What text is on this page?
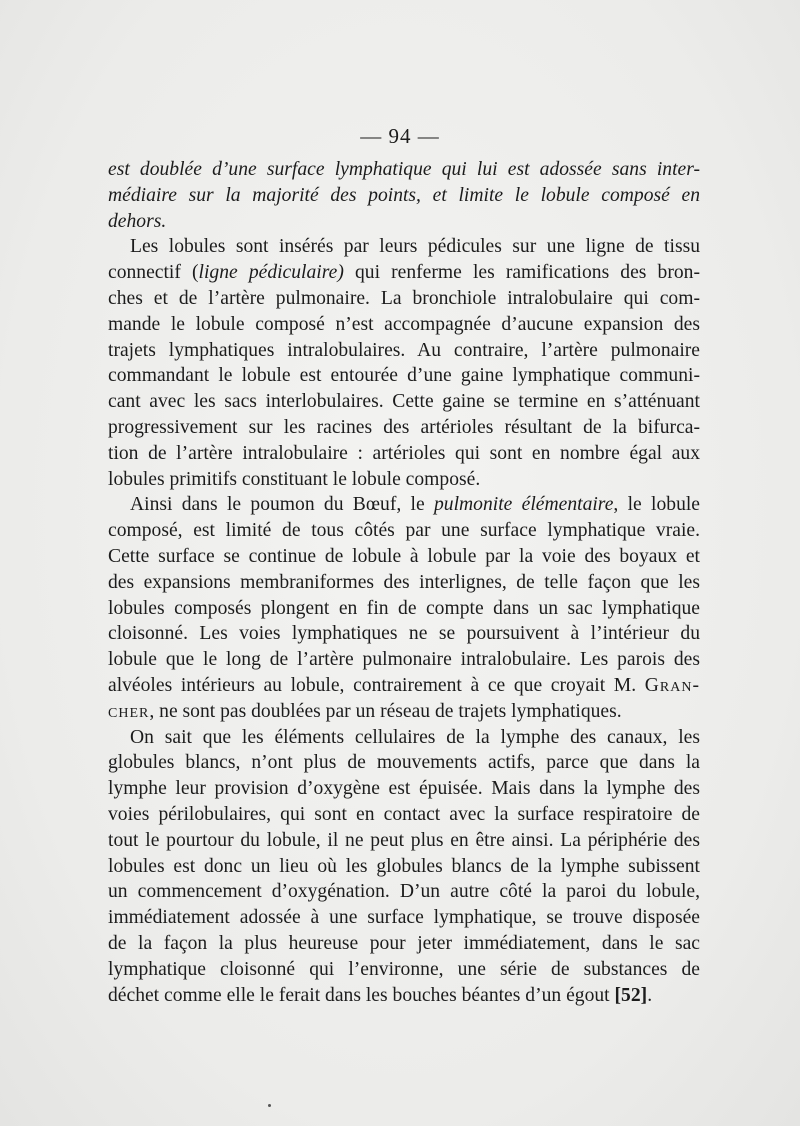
— 94 —
est doublée d’une surface lymphatique qui lui est adossée sans inter-
médiaire sur la majorité des points, et limite le lobule composé en
dehors.
Les lobules sont insérés par leurs pédicules sur une ligne de tissu
connectif (ligne pédiculaire) qui renferme les ramifications des bron-
ches et de l’artère pulmonaire. La bronchiole intralobulaire qui com-
mande le lobule composé n’est accompagnée d’aucune expansion des
trajets lymphatiques intralobulaires. Au contraire, l’artère pulmonaire
commandant le lobule est entourée d’une gaine lymphatique communi-
cant avec les sacs interlobulaires. Cette gaine se termine en s’atténuant
progressivement sur les racines des artérioles résultant de la bifurca-
tion de l’artère intralobulaire : artérioles qui sont en nombre égal aux
lobules primitifs constituant le lobule composé.
Ainsi dans le poumon du Bœuf, le pulmonite élémentaire, le lobule
composé, est limité de tous côtés par une surface lymphatique vraie.
Cette surface se continue de lobule à lobule par la voie des boyaux et
des expansions membraniformes des interlignes, de telle façon que les
lobules composés plongent en fin de compte dans un sac lymphatique
cloisonné. Les voies lymphatiques ne se poursuivent à l’intérieur du
lobule que le long de l’artère pulmonaire intralobulaire. Les parois des
alvéoles intérieurs au lobule, contrairement à ce que croyait M. Gran-
cher, ne sont pas doublées par un réseau de trajets lymphatiques.
On sait que les éléments cellulaires de la lymphe des canaux, les
globules blancs, n’ont plus de mouvements actifs, parce que dans la
lymphe leur provision d’oxygène est épuisée. Mais dans la lymphe des
voies périlobulaires, qui sont en contact avec la surface respiratoire de
tout le pourtour du lobule, il ne peut plus en être ainsi. La périphérie des
lobules est donc un lieu où les globules blancs de la lymphe subissent
un commencement d’oxygénation. D’un autre côté la paroi du lobule,
immédiatement adossée à une surface lymphatique, se trouve disposée
de la façon la plus heureuse pour jeter immédiatement, dans le sac
lymphatique cloisonné qui l’environne, une série de substances de
déchet comme elle le ferait dans les bouches béantes d’un égout [52].
